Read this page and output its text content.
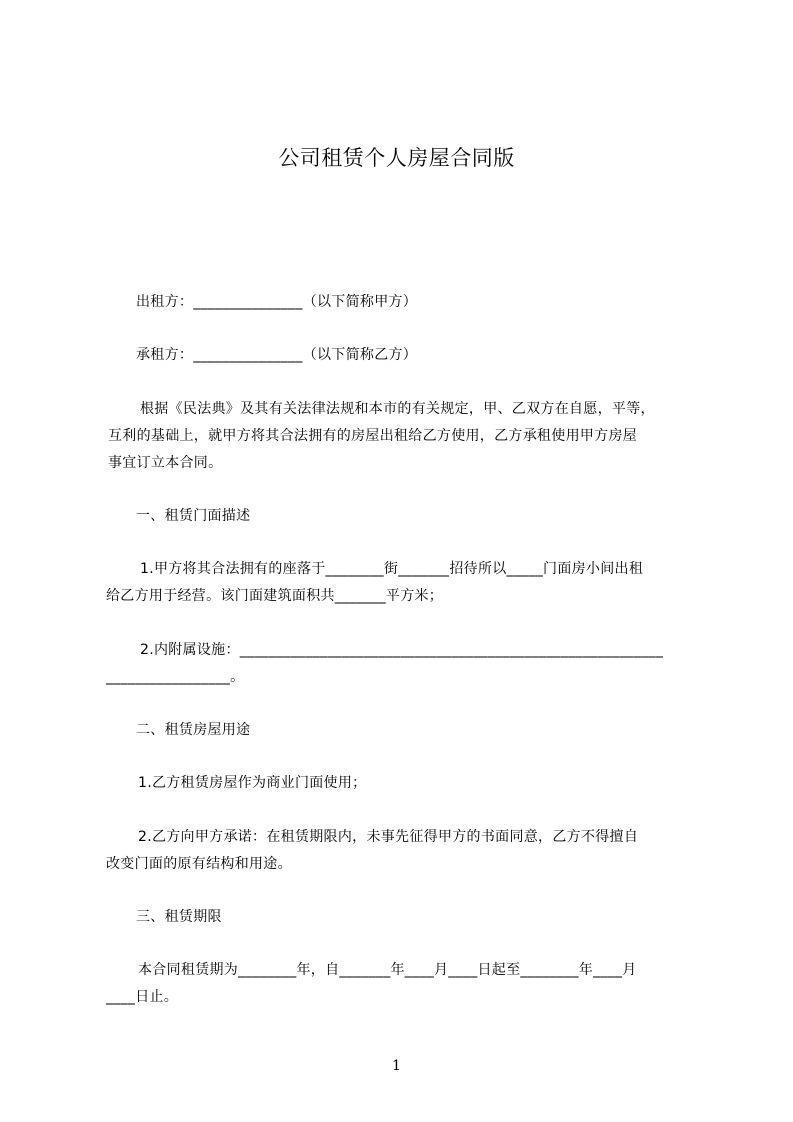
公司租赁个人房屋合同版
出租方：_______________（以下简称甲方）
承租方：_______________（以下简称乙方）
根据《民法典》及其有关法律法规和本市的有关规定，甲、乙双方在自愿，平等，
互利的基础上，就甲方将其合法拥有的房屋出租给乙方使用，乙方承租使用甲方房屋
事宜订立本合同。
一、租赁门面描述
1.甲方将其合法拥有的座落于________街_______招待所以_____门面房小间出租
给乙方用于经营。该门面建筑面积共_______平方米；
2.内附属设施：__________________________________________________________
_________________。
二、租赁房屋用途
1.乙方租赁房屋作为商业门面使用；
2.乙方向甲方承诺：在租赁期限内，未事先征得甲方的书面同意，乙方不得擅自
改变门面的原有结构和用途。
三、租赁期限
本合同租赁期为________年，自_______年____月____日起至________年____月
____日止。
1
